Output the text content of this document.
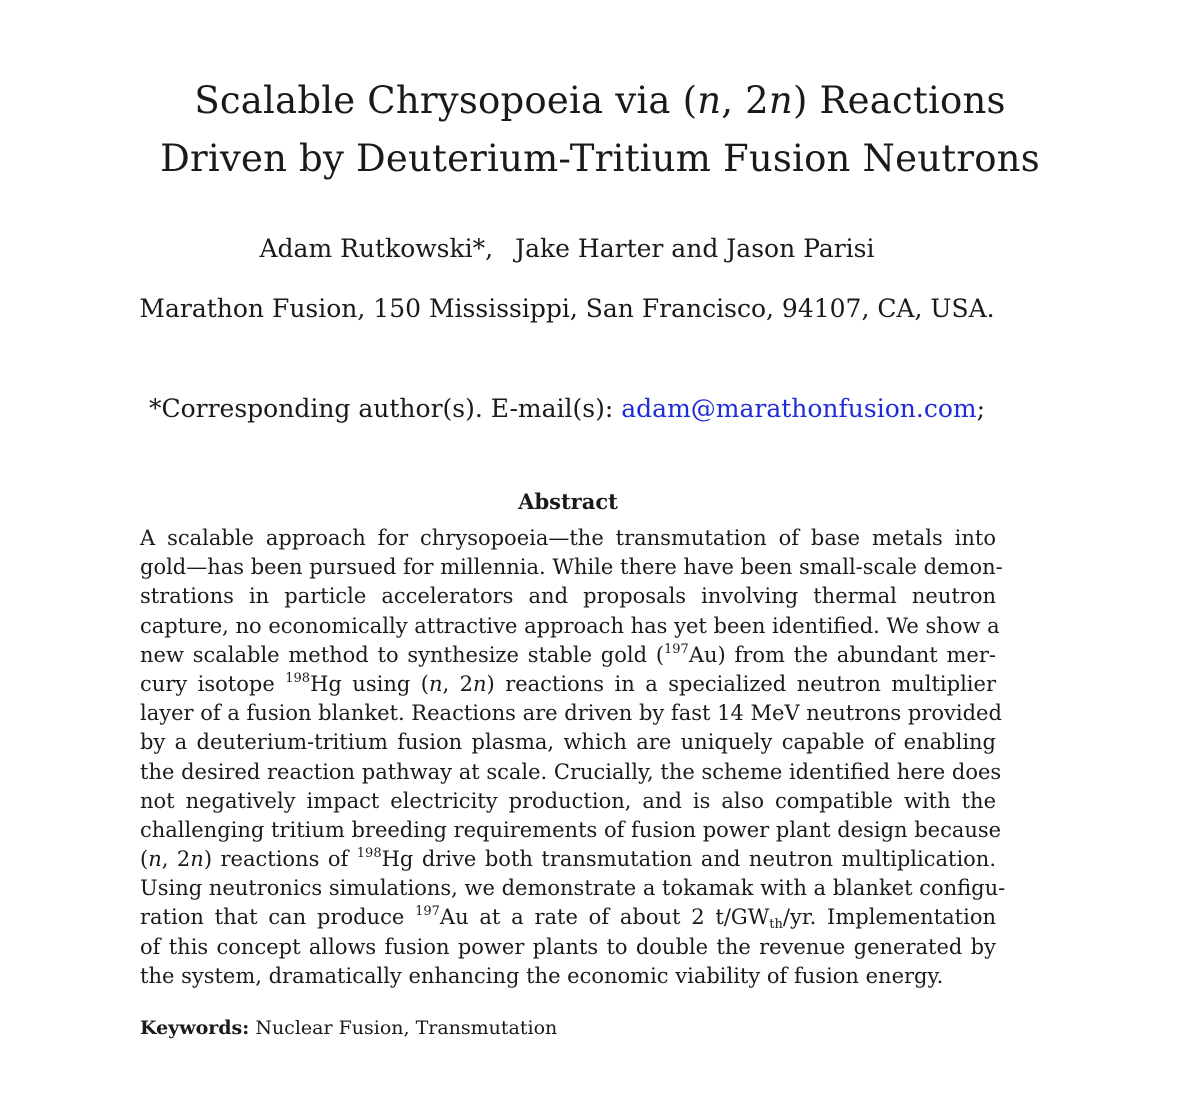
Scalable Chrysopoeia via (n, 2n) Reactions
Driven by Deuterium-Tritium Fusion Neutrons
Adam Rutkowski*, Jake Harter and Jason Parisi
Marathon Fusion, 150 Mississippi, San Francisco, 94107, CA, USA.
*Corresponding author(s). E-mail(s): adam@marathonfusion.com;
Abstract
A scalable approach for chrysopoeia—the transmutation of base metals into
gold—has been pursued for millennia. While there have been small-scale demon-
strations in particle accelerators and proposals involving thermal neutron
capture, no economically attractive approach has yet been identified. We show a
new scalable method to synthesize stable gold ($^{197}$Au) from the abundant mer-
cury isotope $^{198}$Hg using (n, 2n) reactions in a specialized neutron multiplier
layer of a fusion blanket. Reactions are driven by fast 14 MeV neutrons provided
by a deuterium-tritium fusion plasma, which are uniquely capable of enabling
the desired reaction pathway at scale. Crucially, the scheme identified here does
not negatively impact electricity production, and is also compatible with the
challenging tritium breeding requirements of fusion power plant design because
(n, 2n) reactions of $^{198}$Hg drive both transmutation and neutron multiplication.
Using neutronics simulations, we demonstrate a tokamak with a blanket configu-
ration that can produce $^{197}$Au at a rate of about 2 $t/GW_{th}/yr$. Implementation
of this concept allows fusion power plants to double the revenue generated by
the system, dramatically enhancing the economic viability of fusion energy.
Keywords: Nuclear Fusion, Transmutation
